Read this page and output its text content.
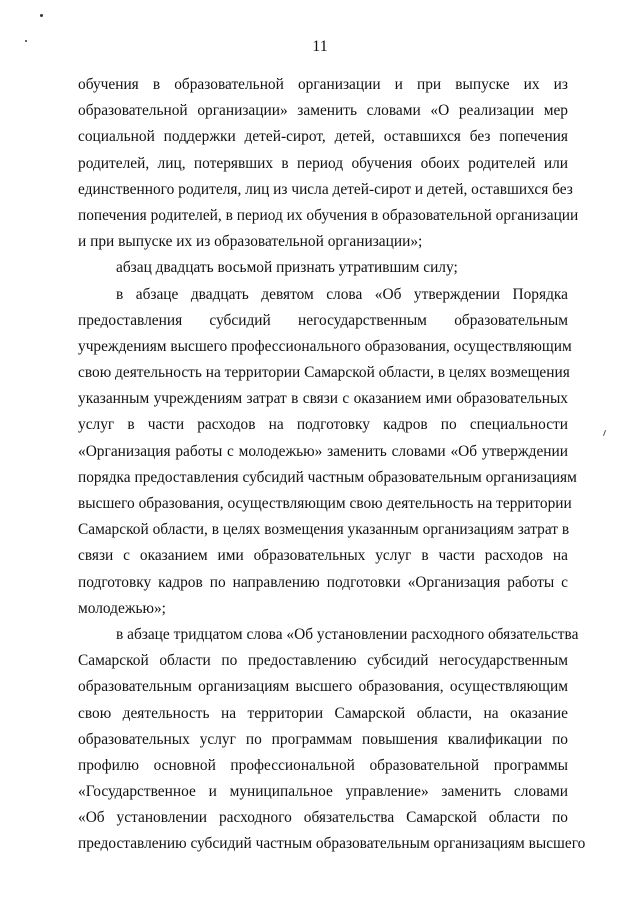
11
обучения в образовательной организации и при выпуске их из
образовательной организации» заменить словами «О реализации мер
социальной поддержки детей-сирот, детей, оставшихся без попечения
родителей, лиц, потерявших в период обучения обоих родителей или
единственного родителя, лиц из числа детей-сирот и детей, оставшихся без
попечения родителей, в период их обучения в образовательной организации
и при выпуске их из образовательной организации»;
абзац двадцать восьмой признать утратившим силу;
в абзаце двадцать девятом слова «Об утверждении Порядка
предоставления субсидий негосударственным образовательным
учреждениям высшего профессионального образования, осуществляющим
свою деятельность на территории Самарской области, в целях возмещения
указанным учреждениям затрат в связи с оказанием ими образовательных
услуг в части расходов на подготовку кадров по специальности
«Организация работы с молодежью» заменить словами «Об утверждении
порядка предоставления субсидий частным образовательным организациям
высшего образования, осуществляющим свою деятельность на территории
Самарской области, в целях возмещения указанным организациям затрат в
связи с оказанием ими образовательных услуг в части расходов на
подготовку кадров по направлению подготовки «Организация работы с
молодежью»;
в абзаце тридцатом слова «Об установлении расходного обязательства
Самарской области по предоставлению субсидий негосударственным
образовательным организациям высшего образования, осуществляющим
свою деятельность на территории Самарской области, на оказание
образовательных услуг по программам повышения квалификации по
профилю основной профессиональной образовательной программы
«Государственное и муниципальное управление» заменить словами
«Об установлении расходного обязательства Самарской области по
предоставлению субсидий частным образовательным организациям высшего
